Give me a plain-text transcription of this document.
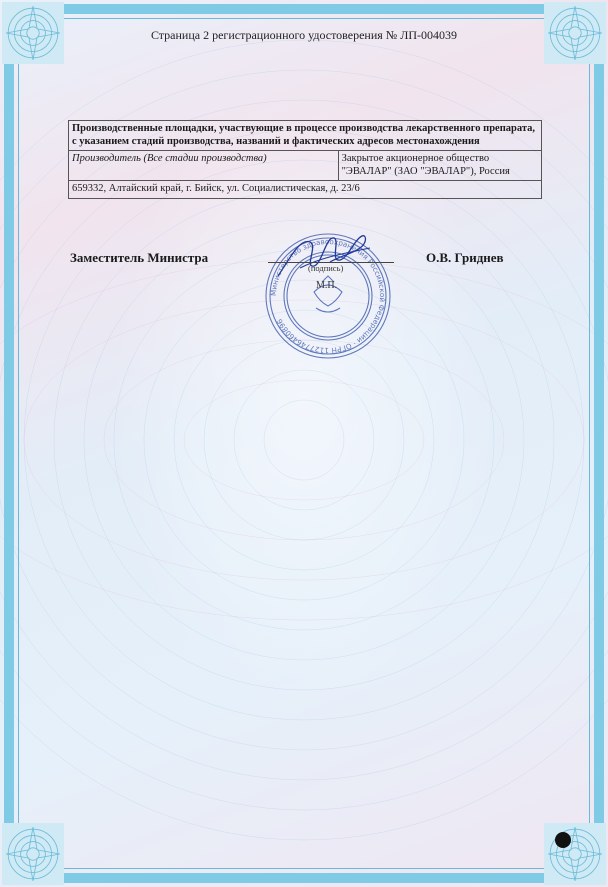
Страница 2 регистрационного удостоверения № ЛП-004039
Производственные площадки, участвующие в процессе производства лекарственного препарата, с указанием стадий производства, названий и фактических адресов местонахождения
Производитель (Все стадии производства)	Закрытое акционерное общество "ЭВАЛАР" (ЗАО "ЭВАЛАР"), Россия
659332, Алтайский край, г. Бийск, ул. Социалистическая, д. 23/6
Министерство здравоохранения Российской Федерации · ОГРН 1127746460896
Заместитель Министра
(подпись)
М.П.
О.В. Гриднев
